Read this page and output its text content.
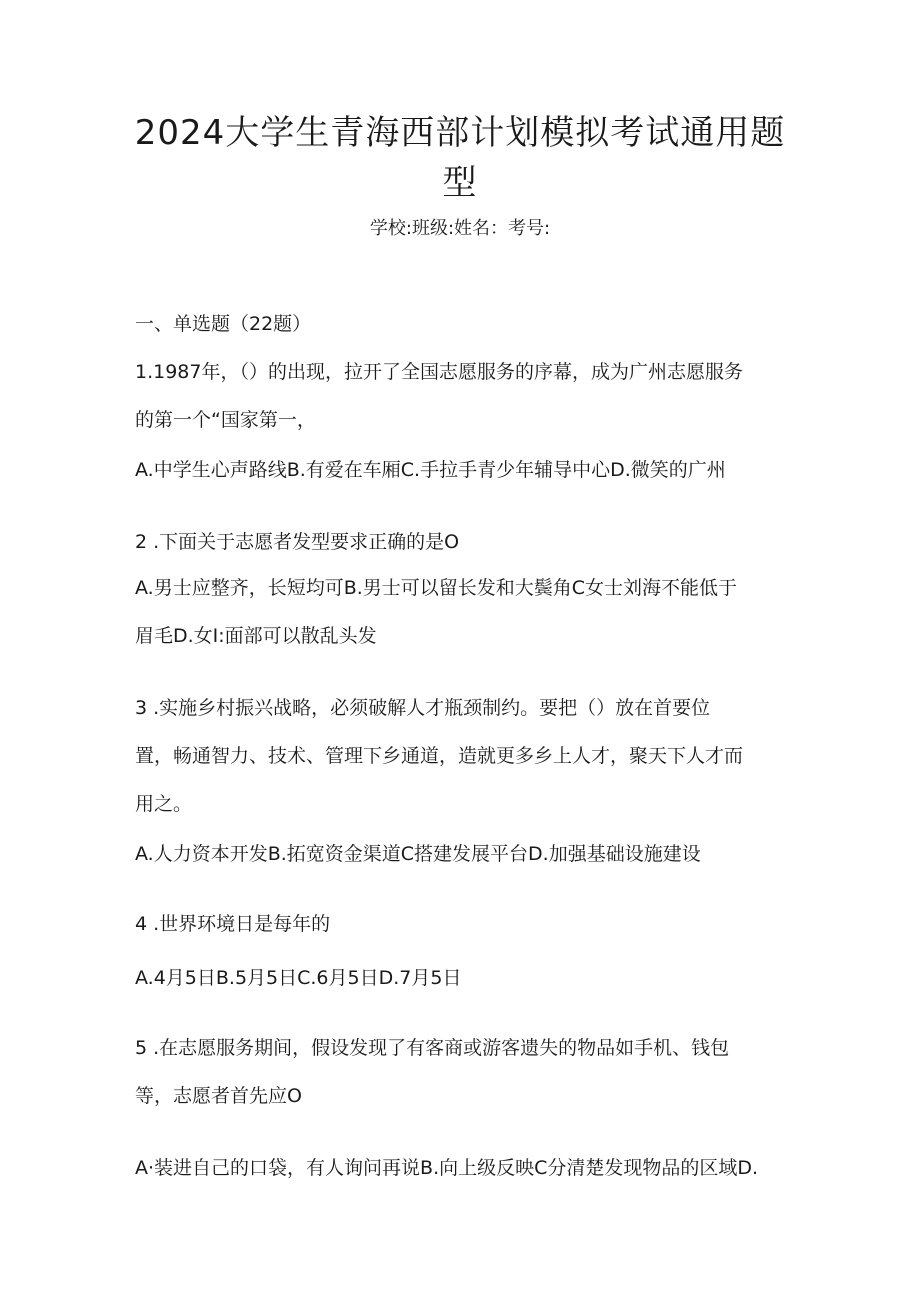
2024大学生青海西部计划模拟考试通用题型

学校:班级:姓名：考号:

一、单选题（22题）

1.1987年，（）的出现，拉开了全国志愿服务的序幕，成为广州志愿服务

的第一个“国家第一，

A.中学生心声路线B.有爱在车厢C.手拉手青少年辅导中心D.微笑的广州

2 .下面关于志愿者发型要求正确的是O

A.男士应整齐，长短均可B.男士可以留长发和大鬓角C女士刘海不能低于

眉毛D.女I:面部可以散乱头发

3 .实施乡村振兴战略，必须破解人才瓶颈制约。要把（）放在首要位

置，畅通智力、技术、管理下乡通道，造就更多乡上人才，聚天下人才而

用之。

A.人力资本开发B.拓宽资金渠道C搭建发展平台D.加强基础设施建设

4 .世界环境日是每年的

A.4月5日B.5月5日C.6月5日D.7月5日

5 .在志愿服务期间，假设发现了有客商或游客遗失的物品如手机、钱包

等，志愿者首先应O

A·装进自己的口袋，有人询问再说B.向上级反映C分清楚发现物品的区域D.
